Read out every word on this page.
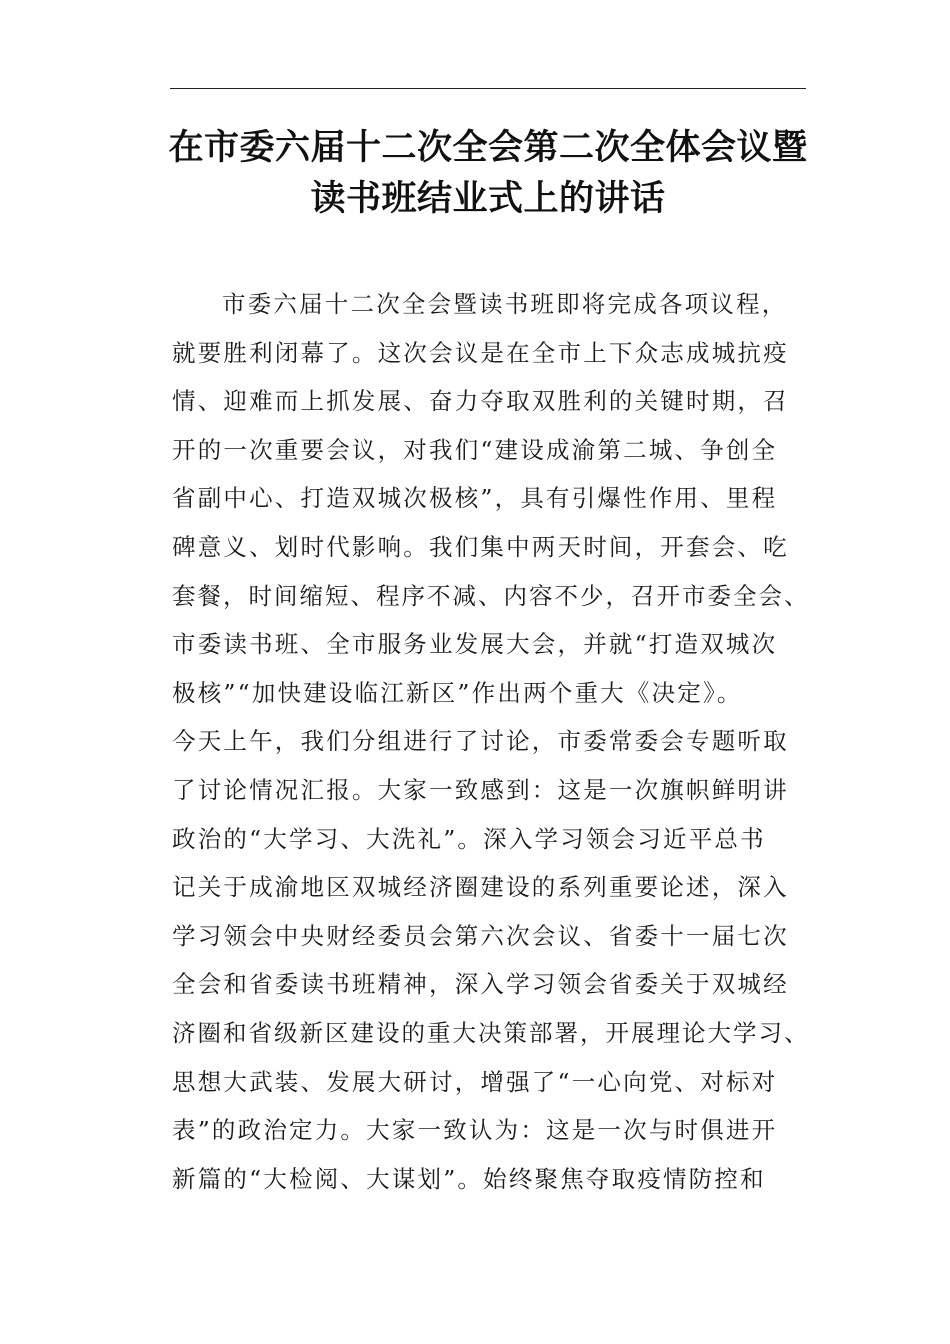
在市委六届十二次全会第二次全体会议暨
读书班结业式上的讲话
市委六届十二次全会暨读书班即将完成各项议程，
就要胜利闭幕了。这次会议是在全市上下众志成城抗疫
情、迎难而上抓发展、奋力夺取双胜利的关键时期，召
开的一次重要会议，对我们“建设成渝第二城、争创全
省副中心、打造双城次极核”，具有引爆性作用、里程
碑意义、划时代影响。我们集中两天时间，开套会、吃
套餐，时间缩短、程序不减、内容不少，召开市委全会、
市委读书班、全市服务业发展大会，并就“打造双城次
极核”“加快建设临江新区”作出两个重大《决定》。
今天上午，我们分组进行了讨论，市委常委会专题听取
了讨论情况汇报。大家一致感到：这是一次旗帜鲜明讲
政治的“大学习、大洗礼”。深入学习领会习近平总书
记关于成渝地区双城经济圈建设的系列重要论述，深入
学习领会中央财经委员会第六次会议、省委十一届七次
全会和省委读书班精神，深入学习领会省委关于双城经
济圈和省级新区建设的重大决策部署，开展理论大学习、
思想大武装、发展大研讨，增强了“一心向党、对标对
表”的政治定力。大家一致认为：这是一次与时俱进开
新篇的“大检阅、大谋划”。始终聚焦夺取疫情防控和
